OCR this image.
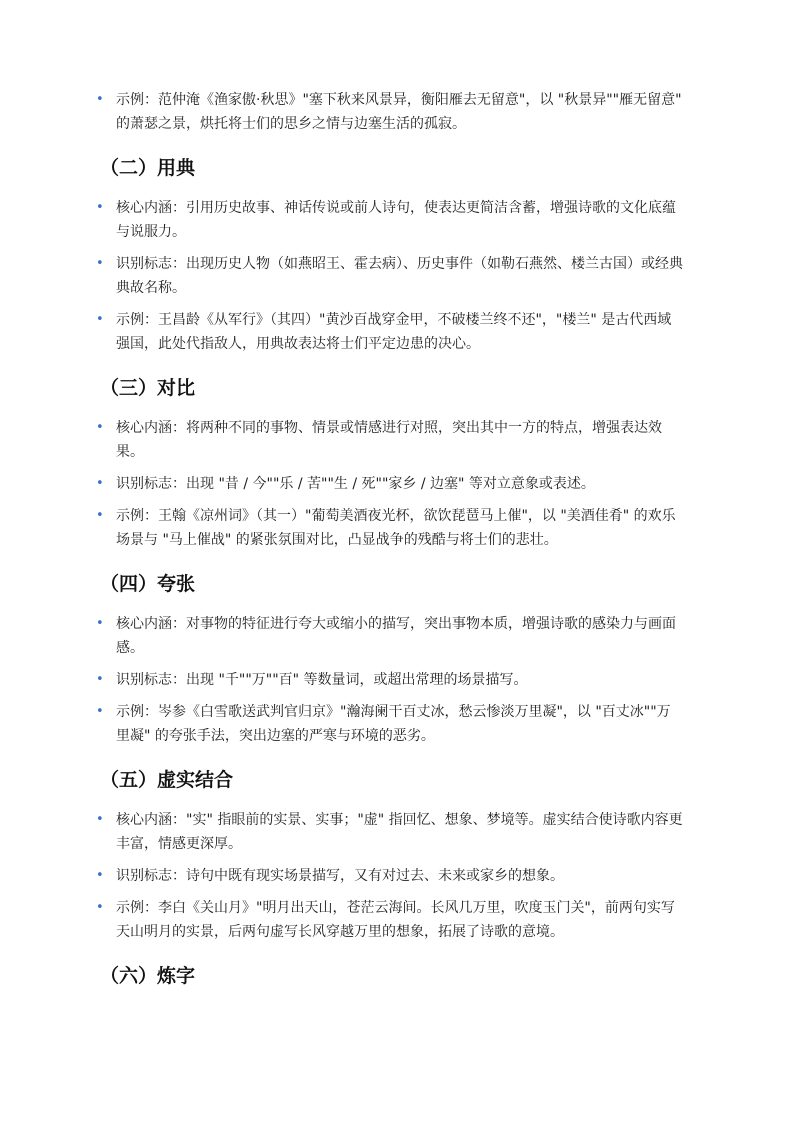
• 示例：范仲淹《渔家傲·秋思》"塞下秋来风景异，衡阳雁去无留意"，以 "秋景异""雁无留意" 的萧瑟之景，烘托将士们的思乡之情与边塞生活的孤寂。
（二）用典
• 核心内涵：引用历史故事、神话传说或前人诗句，使表达更简洁含蓄，增强诗歌的文化底蕴与说服力。
• 识别标志：出现历史人物（如燕昭王、霍去病）、历史事件（如勒石燕然、楼兰古国）或经典典故名称。
• 示例：王昌龄《从军行》（其四）"黄沙百战穿金甲，不破楼兰终不还"，"楼兰" 是古代西域强国，此处代指敌人，用典故表达将士们平定边患的决心。
（三）对比
• 核心内涵：将两种不同的事物、情景或情感进行对照，突出其中一方的特点，增强表达效果。
• 识别标志：出现 "昔 / 今""乐 / 苦""生 / 死""家乡 / 边塞" 等对立意象或表述。
• 示例：王翰《凉州词》（其一）"葡萄美酒夜光杯，欲饮琵琶马上催"，以 "美酒佳肴" 的欢乐场景与 "马上催战" 的紧张氛围对比，凸显战争的残酷与将士们的悲壮。
（四）夸张
• 核心内涵：对事物的特征进行夸大或缩小的描写，突出事物本质，增强诗歌的感染力与画面感。
• 识别标志：出现 "千""万""百" 等数量词，或超出常理的场景描写。
• 示例：岑参《白雪歌送武判官归京》"瀚海阑干百丈冰，愁云惨淡万里凝"，以 "百丈冰""万里凝" 的夸张手法，突出边塞的严寒与环境的恶劣。
（五）虚实结合
• 核心内涵："实" 指眼前的实景、实事；"虚" 指回忆、想象、梦境等。虚实结合使诗歌内容更丰富，情感更深厚。
• 识别标志：诗句中既有现实场景描写，又有对过去、未来或家乡的想象。
• 示例：李白《关山月》"明月出天山，苍茫云海间。长风几万里，吹度玉门关"，前两句实写天山明月的实景，后两句虚写长风穿越万里的想象，拓展了诗歌的意境。
（六）炼字
